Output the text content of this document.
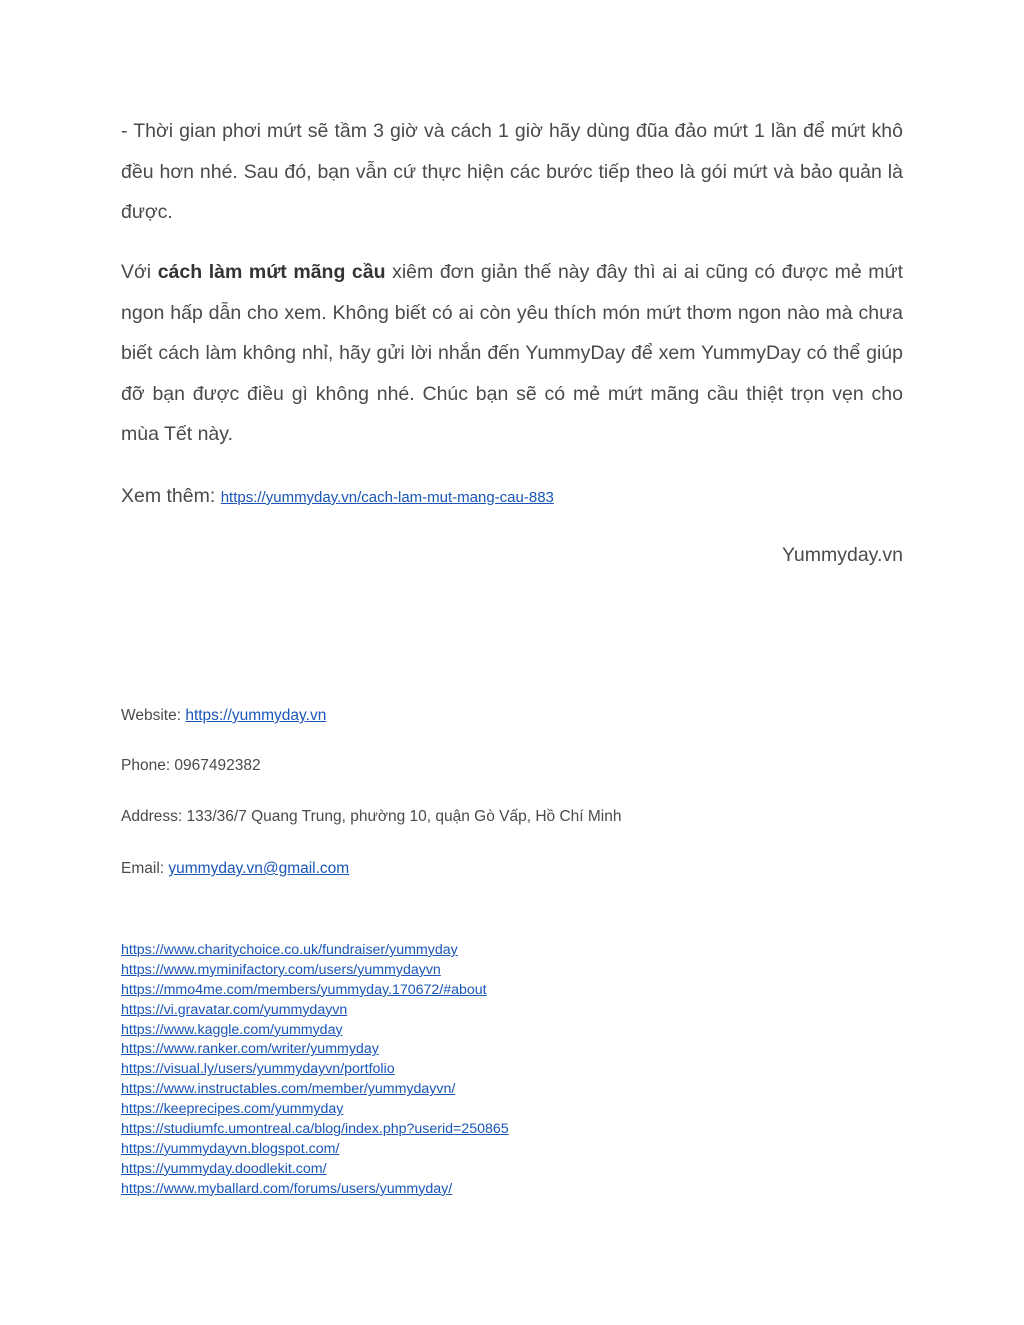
- Thời gian phơi mứt sẽ tầm 3 giờ và cách 1 giờ hãy dùng đũa đảo mứt 1 lần để mứt khô đều hơn nhé. Sau đó, bạn vẫn cứ thực hiện các bước tiếp theo là gói mứt và bảo quản là được.

Với cách làm mứt mãng cầu xiêm đơn giản thế này đây thì ai ai cũng có được mẻ mứt ngon hấp dẫn cho xem. Không biết có ai còn yêu thích món mứt thơm ngon nào mà chưa biết cách làm không nhỉ, hãy gửi lời nhắn đến YummyDay để xem YummyDay có thể giúp đỡ bạn được điều gì không nhé. Chúc bạn sẽ có mẻ mứt mãng cầu thiệt trọn vẹn cho mùa Tết này.

Xem thêm: https://yummyday.vn/cach-lam-mut-mang-cau-883
Yummyday.vn
Website: https://yummyday.vn
Phone: 0967492382
Address: 133/36/7 Quang Trung, phường 10, quận Gò Vấp, Hồ Chí Minh
Email: yummyday.vn@gmail.com
https://www.charitychoice.co.uk/fundraiser/yummyday
https://www.myminifactory.com/users/yummydayvn
https://mmo4me.com/members/yummyday.170672/#about
https://vi.gravatar.com/yummydayvn
https://www.kaggle.com/yummyday
https://www.ranker.com/writer/yummyday
https://visual.ly/users/yummydayvn/portfolio
https://www.instructables.com/member/yummydayvn/
https://keeprecipes.com/yummyday
https://studiumfc.umontreal.ca/blog/index.php?userid=250865
https://yummydayvn.blogspot.com/
https://yummyday.doodlekit.com/
https://www.myballard.com/forums/users/yummyday/
